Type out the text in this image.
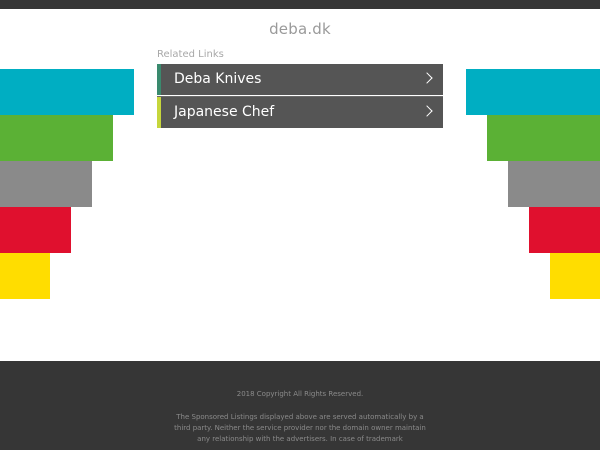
deba.dk
Related Links
Deba Knives
Japanese Chef
2018 Copyright All Rights Reserved.
The Sponsored Listings displayed above are served automatically by a third party. Neither the service provider nor the domain owner maintain any relationship with the advertisers. In case of trademark
